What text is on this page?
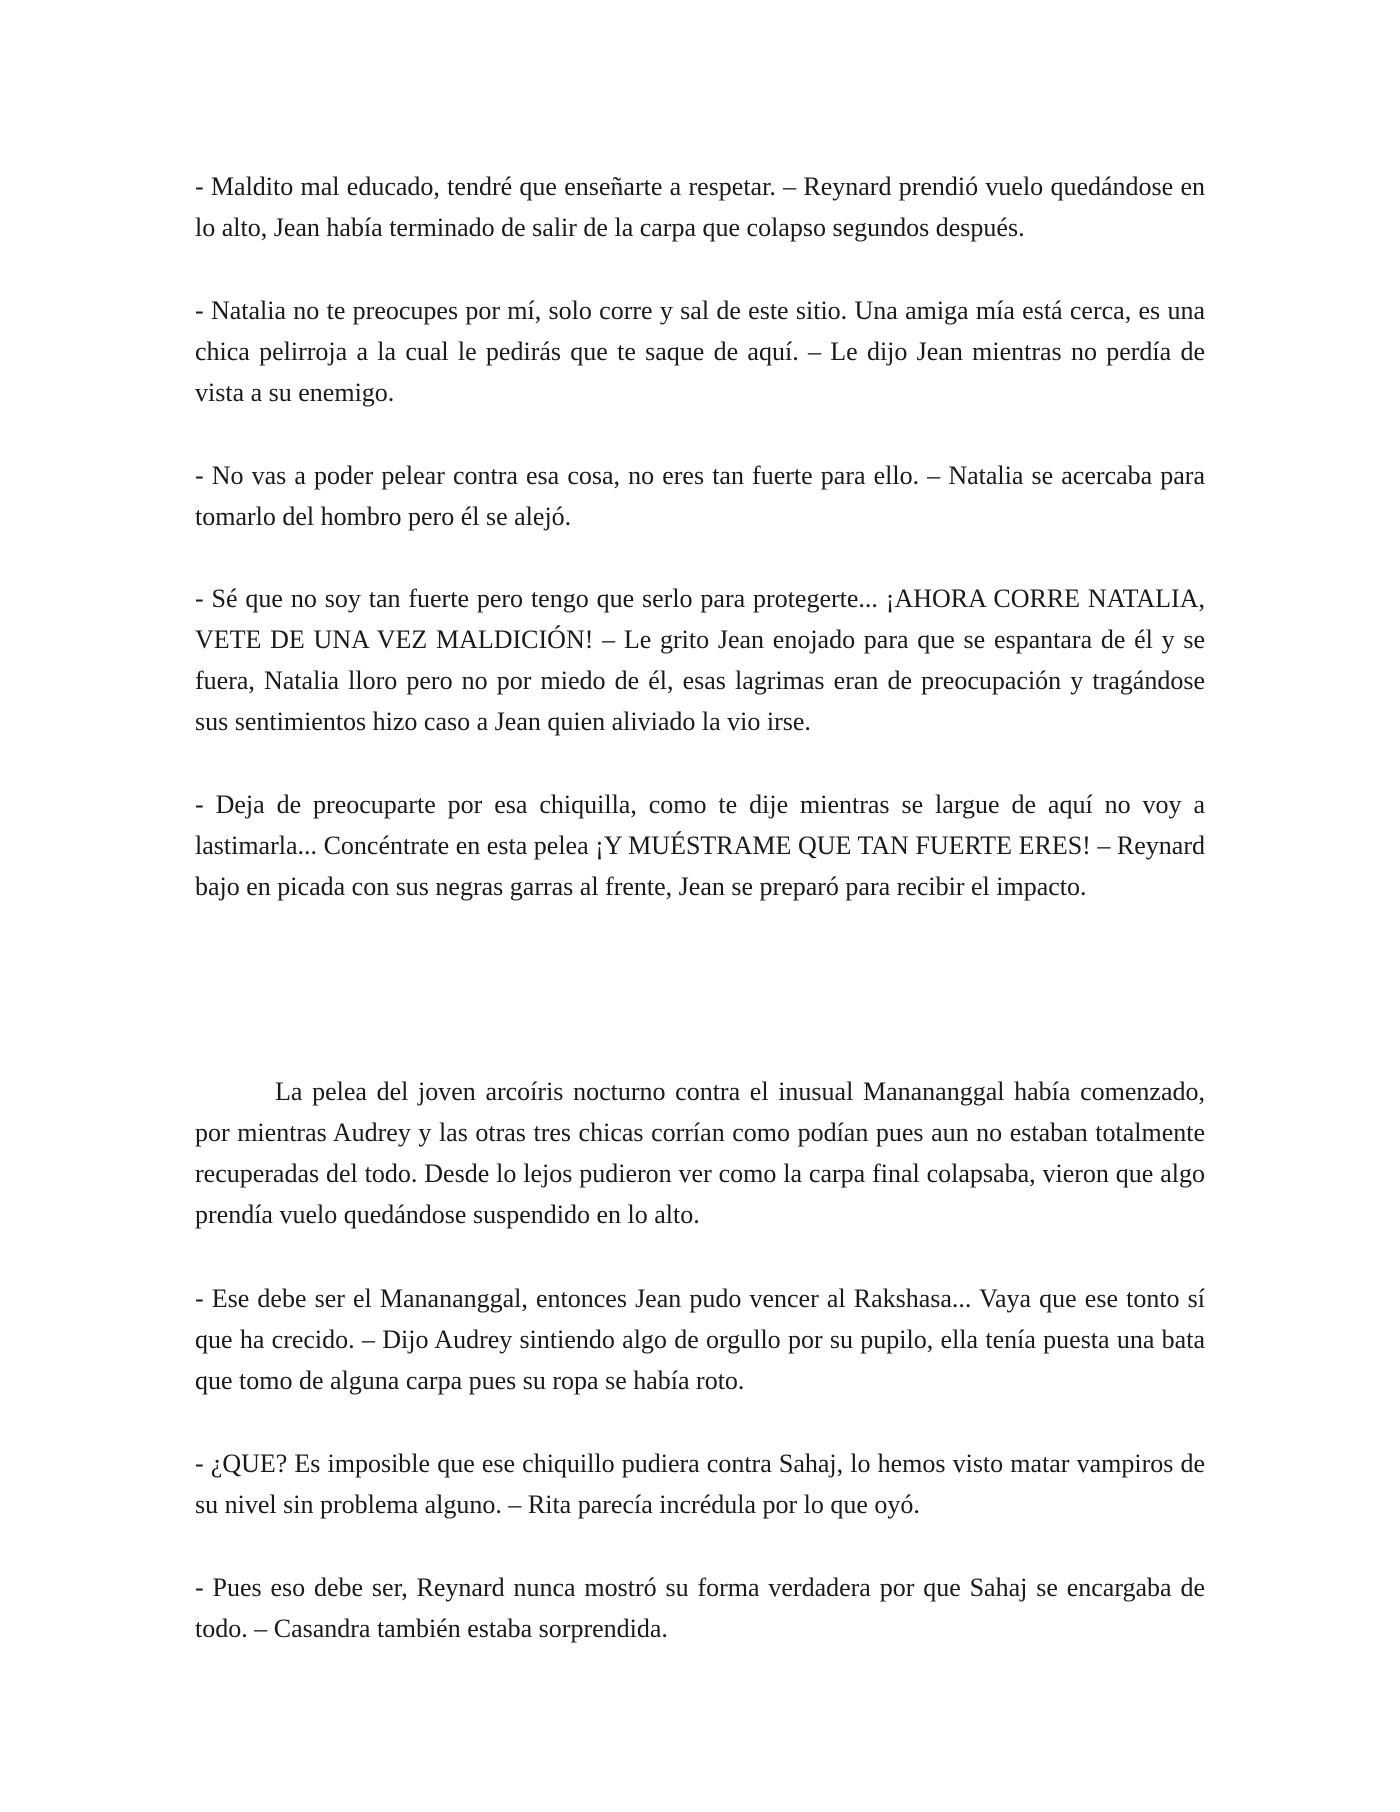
- Maldito mal educado, tendré que enseñarte a respetar. – Reynard prendió vuelo quedándose en lo alto, Jean había terminado de salir de la carpa que colapso segundos después.

- Natalia no te preocupes por mí, solo corre y sal de este sitio. Una amiga mía está cerca, es una chica pelirroja a la cual le pedirás que te saque de aquí. – Le dijo Jean mientras no perdía de vista a su enemigo.

- No vas a poder pelear contra esa cosa, no eres tan fuerte para ello. – Natalia se acercaba para tomarlo del hombro pero él se alejó.

- Sé que no soy tan fuerte pero tengo que serlo para protegerte... ¡AHORA CORRE NATALIA, VETE DE UNA VEZ MALDICIÓN! – Le grito Jean enojado para que se espantara de él y se fuera, Natalia lloro pero no por miedo de él, esas lagrimas eran de preocupación y tragándose sus sentimientos hizo caso a Jean quien aliviado la vio irse.

- Deja de preocuparte por esa chiquilla, como te dije mientras se largue de aquí no voy a lastimarla... Concéntrate en esta pelea ¡Y MUÉSTRAME QUE TAN FUERTE ERES! – Reynard bajo en picada con sus negras garras al frente, Jean se preparó para recibir el impacto.

La pelea del joven arcoíris nocturno contra el inusual Manananggal había comenzado, por mientras Audrey y las otras tres chicas corrían como podían pues aun no estaban totalmente recuperadas del todo. Desde lo lejos pudieron ver como la carpa final colapsaba, vieron que algo prendía vuelo quedándose suspendido en lo alto.

- Ese debe ser el Manananggal, entonces Jean pudo vencer al Rakshasa... Vaya que ese tonto sí que ha crecido. – Dijo Audrey sintiendo algo de orgullo por su pupilo, ella tenía puesta una bata que tomo de alguna carpa pues su ropa se había roto.

- ¿QUE? Es imposible que ese chiquillo pudiera contra Sahaj, lo hemos visto matar vampiros de su nivel sin problema alguno. – Rita parecía incrédula por lo que oyó.

- Pues eso debe ser, Reynard nunca mostró su forma verdadera por que Sahaj se encargaba de todo. – Casandra también estaba sorprendida.
